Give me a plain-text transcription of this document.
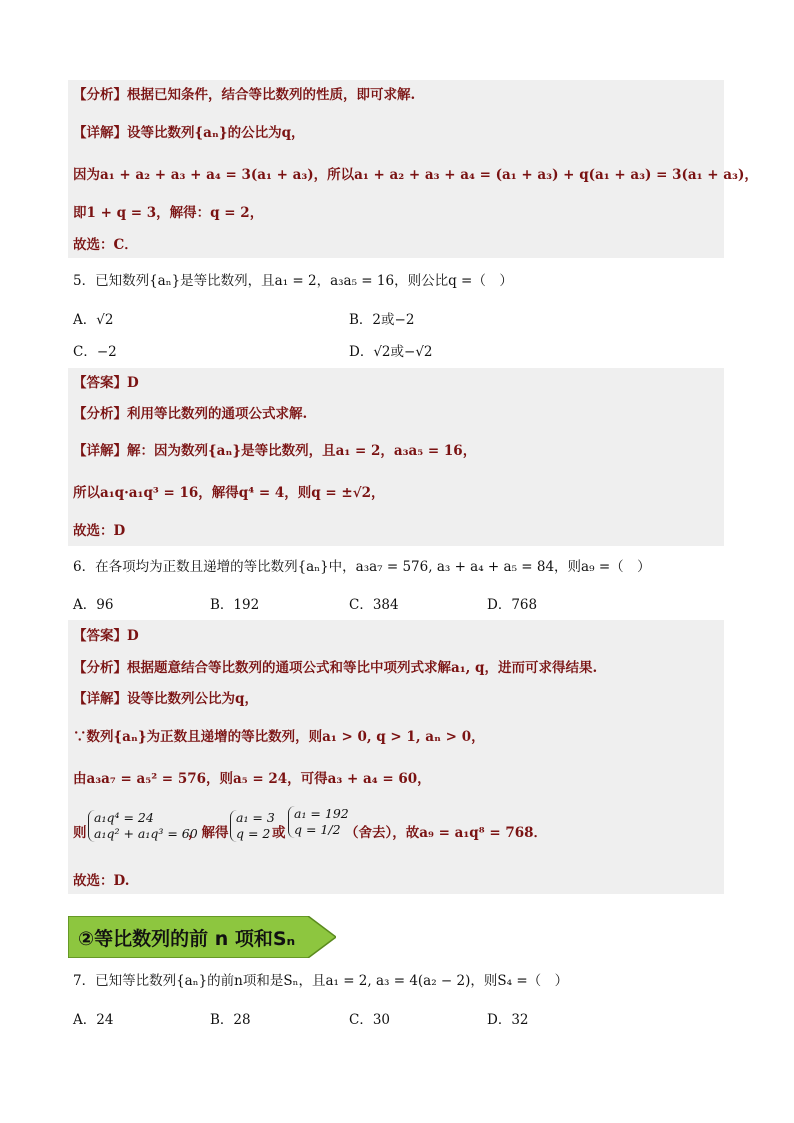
【分析】根据已知条件，结合等比数列的性质，即可求解.
【详解】设等比数列{aₙ}的公比为q，
因为a₁ + a₂ + a₃ + a₄ = 3(a₁ + a₃)，所以a₁ + a₂ + a₃ + a₄ = (a₁ + a₃) + q(a₁ + a₃) = 3(a₁ + a₃)，
即1 + q = 3，解得：q = 2，
故选：C．
5．已知数列{aₙ}是等比数列，且a₁ = 2，a₃a₅ = 16，则公比q =（　）
A．√2	B．2或−2
C．−2	D．√2或−√2
【答案】D
【分析】利用等比数列的通项公式求解.
【详解】解：因为数列{aₙ}是等比数列，且a₁ = 2，a₃a₅ = 16，
所以a₁q·a₁q³ = 16，解得q⁴ = 4，则q = ±√2，
故选：D
6．在各项均为正数且递增的等比数列{aₙ}中，a₃a₇ = 576, a₃ + a₄ + a₅ = 84，则a₉ =（　）
A．96	B．192	C．384	D．768
【答案】D
【分析】根据题意结合等比数列的通项公式和等比中项列式求解a₁, q，进而可求得结果.
【详解】设等比数列公比为q，
∵数列{aₙ}为正数且递增的等比数列，则a₁ > 0, q > 1, aₙ > 0，
由a₃a₇ = a₅² = 576，则a₅ = 24，可得a₃ + a₄ = 60，
则
a₁q⁴ = 24
a₁q² + a₁q³ = 60
，解得
a₁ = 3
q = 2 或
a₁ = 192
q = 1/2 （舍去），故a₉ = a₁q⁸ = 768．
故选：D.
②等比数列的前 n 项和Sₙ
7．已知等比数列{aₙ}的前n项和是Sₙ，且a₁ = 2, a₃ = 4(a₂ − 2)，则S₄ =（　）
A．24	B．28	C．30	D．32
